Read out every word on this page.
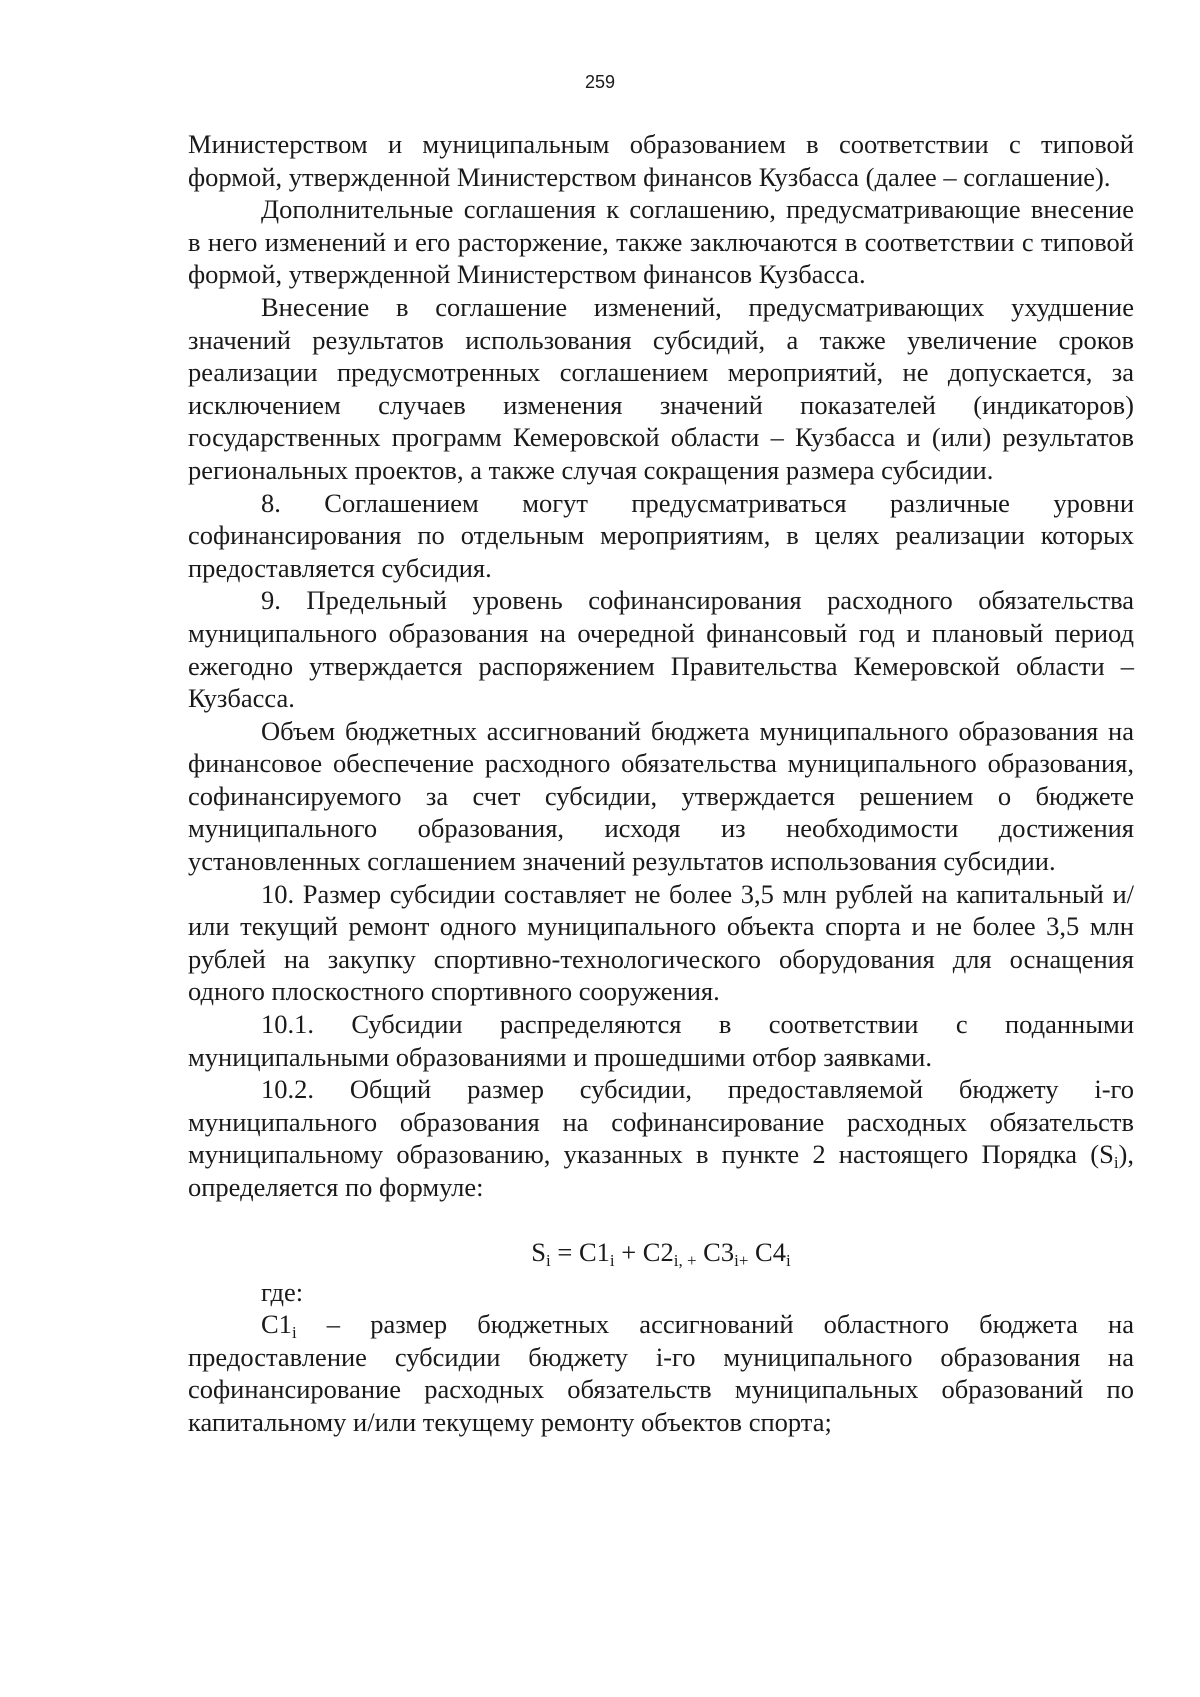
259

Министерством и муниципальным образованием в соответствии с типовой формой, утвержденной Министерством финансов Кузбасса (далее – соглашение).

Дополнительные соглашения к соглашению, предусматривающие внесение в него изменений и его расторжение, также заключаются в соответствии с типовой формой, утвержденной Министерством финансов Кузбасса.

Внесение в соглашение изменений, предусматривающих ухудшение значений результатов использования субсидий, а также увеличение сроков реализации предусмотренных соглашением мероприятий, не допускается, за исключением случаев изменения значений показателей (индикаторов) государственных программ Кемеровской области – Кузбасса и (или) результатов региональных проектов, а также случая сокращения размера субсидии.

8. Соглашением могут предусматриваться различные уровни софинансирования по отдельным мероприятиям, в целях реализации которых предоставляется субсидия.

9. Предельный уровень софинансирования расходного обязательства муниципального образования на очередной финансовый год и плановый период ежегодно утверждается распоряжением Правительства Кемеровской области – Кузбасса.

Объем бюджетных ассигнований бюджета муниципального образования на финансовое обеспечение расходного обязательства муниципального образования, софинансируемого за счет субсидии, утверждается решением о бюджете муниципального образования, исходя из необходимости достижения установленных соглашением значений результатов использования субсидии.

10. Размер субсидии составляет не более 3,5 млн рублей на капитальный и/или текущий ремонт одного муниципального объекта спорта и не более 3,5 млн рублей на закупку спортивно-технологического оборудования для оснащения одного плоскостного спортивного сооружения.

10.1. Субсидии распределяются в соответствии с поданными муниципальными образованиями и прошедшими отбор заявками.

10.2. Общий размер субсидии, предоставляемой бюджету i-го муниципального образования на софинансирование расходных обязательств муниципальному образованию, указанных в пункте 2 настоящего Порядка $(S_i)$, определяется по формуле:

$S_i = C1_i + C2_{i, +}$ $C3_{i+}$ $C4_i$

где:

$C1_i$ – размер бюджетных ассигнований областного бюджета на предоставление субсидии бюджету i-го муниципального образования на софинансирование расходных обязательств муниципальных образований по капитальному и/или текущему ремонту объектов спорта;
